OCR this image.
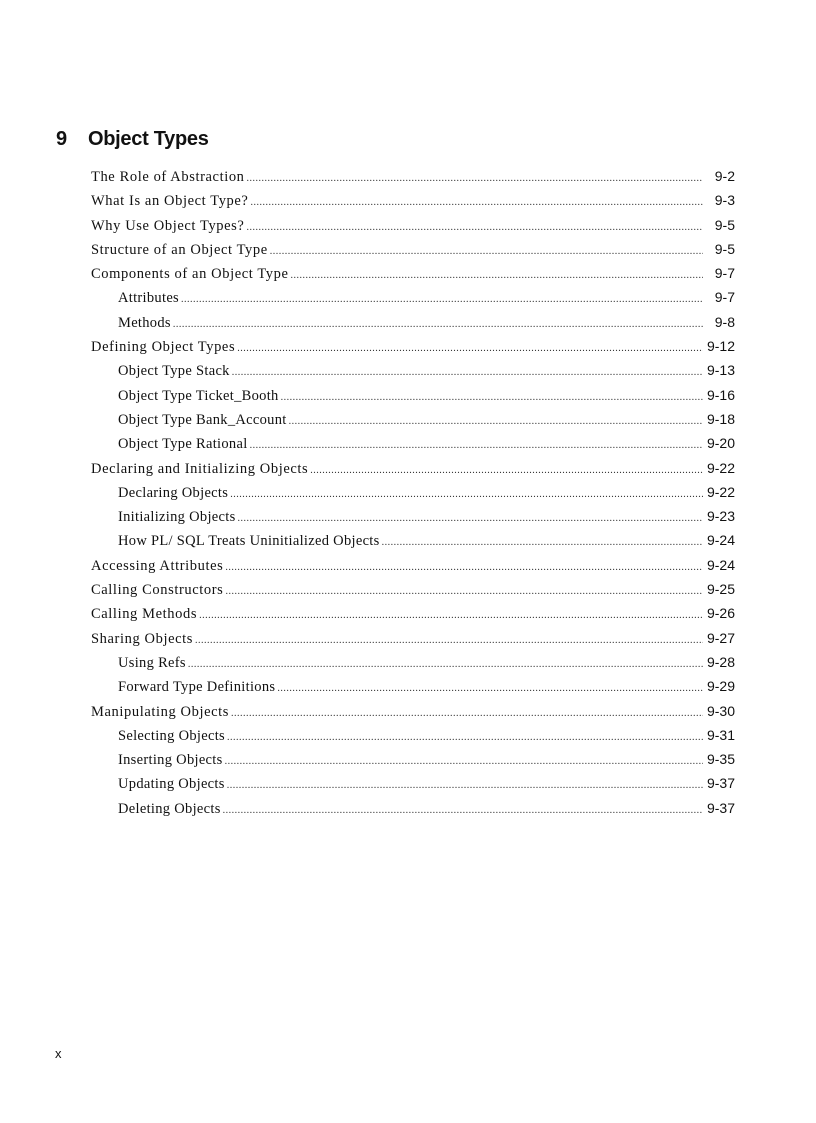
9 Object Types
The Role of Abstraction .....	9-2
What Is an Object Type? .....	9-3
Why Use Object Types? .....	9-5
Structure of an Object Type .....	9-5
Components of an Object Type .....	9-7
Attributes .....	9-7
Methods .....	9-8
Defining Object Types .....	9-12
Object Type Stack .....	9-13
Object Type Ticket_Booth .....	9-16
Object Type Bank_Account .....	9-18
Object Type Rational .....	9-20
Declaring and Initializing Objects .....	9-22
Declaring Objects .....	9-22
Initializing Objects .....	9-23
How PL/ SQL Treats Uninitialized Objects .....	9-24
Accessing Attributes .....	9-24
Calling Constructors .....	9-25
Calling Methods .....	9-26
Sharing Objects .....	9-27
Using Refs .....	9-28
Forward Type Definitions .....	9-29
Manipulating Objects .....	9-30
Selecting Objects .....	9-31
Inserting Objects .....	9-35
Updating Objects .....	9-37
Deleting Objects .....	9-37
x
